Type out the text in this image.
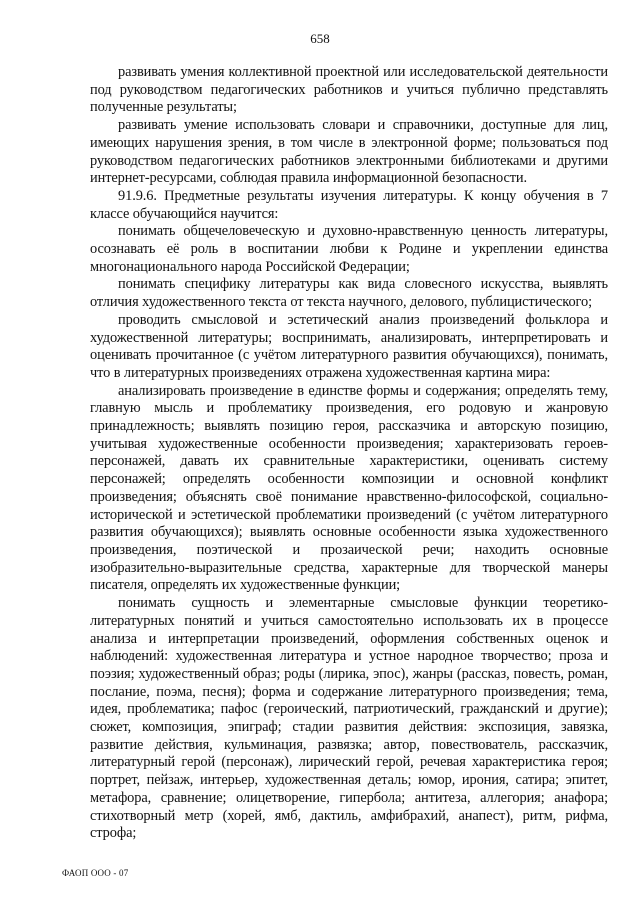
658

развивать умения коллективной проектной или исследовательской деятельности под руководством педагогических работников и учиться публично представлять полученные результаты;

развивать умение использовать словари и справочники, доступные для лиц, имеющих нарушения зрения, в том числе в электронной форме; пользоваться под руководством педагогических работников электронными библиотеками и другими интернет-ресурсами, соблюдая правила информационной безопасности.

91.9.6. Предметные результаты изучения литературы. К концу обучения в 7 классе обучающийся научится:

понимать общечеловеческую и духовно-нравственную ценность литературы, осознавать её роль в воспитании любви к Родине и укреплении единства многонационального народа Российской Федерации;

понимать специфику литературы как вида словесного искусства, выявлять отличия художественного текста от текста научного, делового, публицистического;

проводить смысловой и эстетический анализ произведений фольклора и художественной литературы; воспринимать, анализировать, интерпретировать и оценивать прочитанное (с учётом литературного развития обучающихся), понимать, что в литературных произведениях отражена художественная картина мира:

анализировать произведение в единстве формы и содержания; определять тему, главную мысль и проблематику произведения, его родовую и жанровую принадлежность; выявлять позицию героя, рассказчика и авторскую позицию, учитывая художественные особенности произведения; характеризовать героев-персонажей, давать их сравнительные характеристики, оценивать систему персонажей; определять особенности композиции и основной конфликт произведения; объяснять своё понимание нравственно-философской, социально-исторической и эстетической проблематики произведений (с учётом литературного развития обучающихся); выявлять основные особенности языка художественного произведения, поэтической и прозаической речи; находить основные изобразительно-выразительные средства, характерные для творческой манеры писателя, определять их художественные функции;

понимать сущность и элементарные смысловые функции теоретико-литературных понятий и учиться самостоятельно использовать их в процессе анализа и интерпретации произведений, оформления собственных оценок и наблюдений: художественная литература и устное народное творчество; проза и поэзия; художественный образ; роды (лирика, эпос), жанры (рассказ, повесть, роман, послание, поэма, песня); форма и содержание литературного произведения; тема, идея, проблематика; пафос (героический, патриотический, гражданский и другие); сюжет, композиция, эпиграф; стадии развития действия: экспозиция, завязка, развитие действия, кульминация, развязка; автор, повествователь, рассказчик, литературный герой (персонаж), лирический герой, речевая характеристика героя; портрет, пейзаж, интерьер, художественная деталь; юмор, ирония, сатира; эпитет, метафора, сравнение; олицетворение, гипербола; антитеза, аллегория; анафора; стихотворный метр (хорей, ямб, дактиль, амфибрахий, анапест), ритм, рифма, строфа;

ФАОП ООО - 07
